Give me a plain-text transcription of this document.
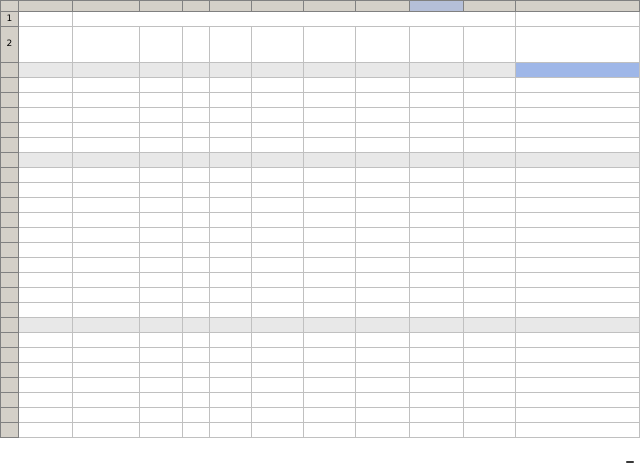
1											
2											
